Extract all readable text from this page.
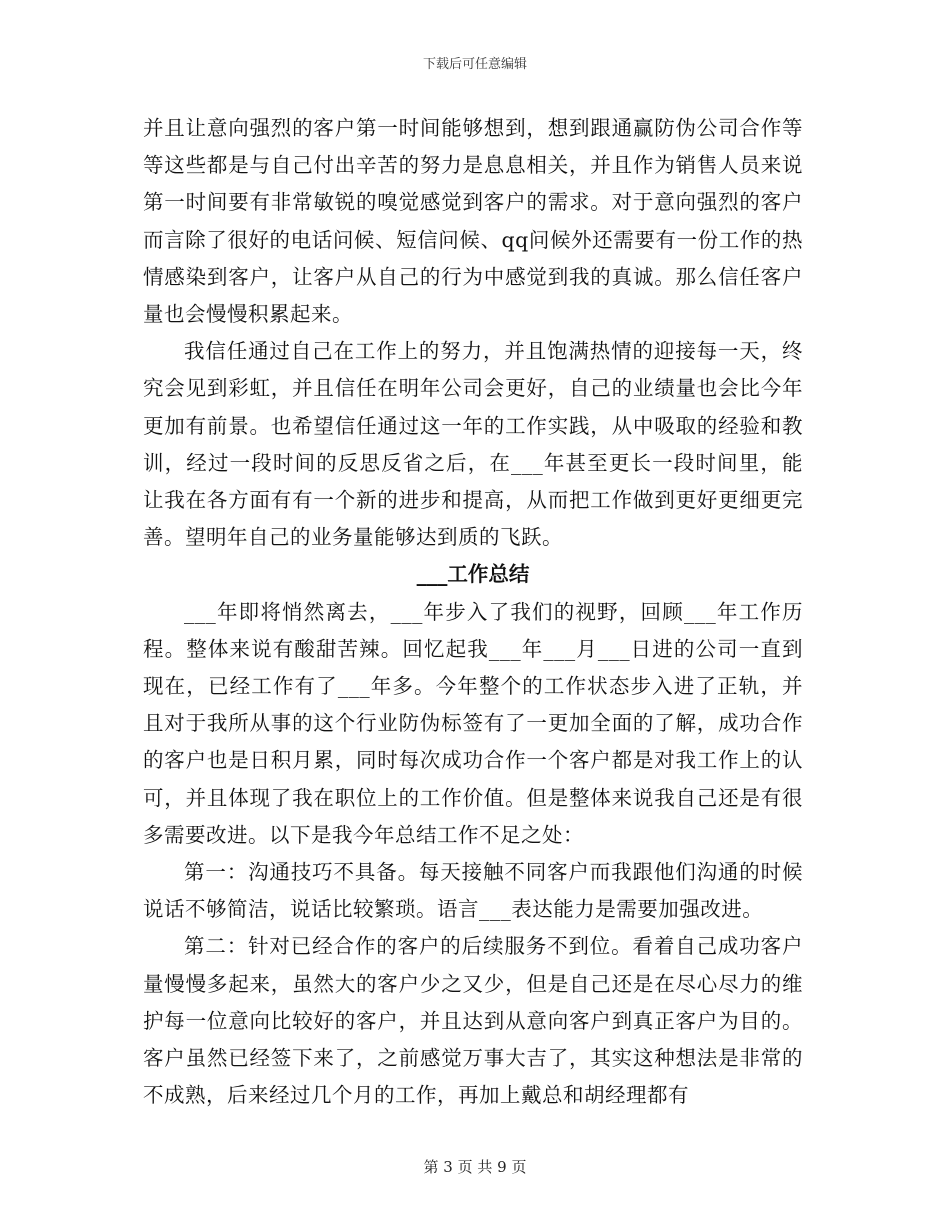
下载后可任意编辑

并且让意向强烈的客户第一时间能够想到，想到跟通赢防伪公司合作等等这些都是与自己付出辛苦的努力是息息相关，并且作为销售人员来说第一时间要有非常敏锐的嗅觉感觉到客户的需求。对于意向强烈的客户而言除了很好的电话问候、短信问候、qq问候外还需要有一份工作的热情感染到客户，让客户从自己的行为中感觉到我的真诚。那么信任客户量也会慢慢积累起来。

我信任通过自己在工作上的努力，并且饱满热情的迎接每一天，终究会见到彩虹，并且信任在明年公司会更好，自己的业绩量也会比今年更加有前景。也希望信任通过这一年的工作实践，从中吸取的经验和教训，经过一段时间的反思反省之后，在___年甚至更长一段时间里，能让我在各方面有有一个新的进步和提高，从而把工作做到更好更细更完善。望明年自己的业务量能够达到质的飞跃。

___工作总结

___年即将悄然离去，___年步入了我们的视野，回顾___年工作历程。整体来说有酸甜苦辣。回忆起我___年___月___日进的公司一直到现在，已经工作有了___年多。今年整个的工作状态步入进了正轨，并且对于我所从事的这个行业防伪标签有了一更加全面的了解，成功合作的客户也是日积月累，同时每次成功合作一个客户都是对我工作上的认可，并且体现了我在职位上的工作价值。但是整体来说我自己还是有很多需要改进。以下是我今年总结工作不足之处：

第一：沟通技巧不具备。每天接触不同客户而我跟他们沟通的时候说话不够简洁，说话比较繁琐。语言___表达能力是需要加强改进。

第二：针对已经合作的客户的后续服务不到位。看着自己成功客户量慢慢多起来，虽然大的客户少之又少，但是自己还是在尽心尽力的维护每一位意向比较好的客户，并且达到从意向客户到真正客户为目的。客户虽然已经签下来了，之前感觉万事大吉了，其实这种想法是非常的不成熟，后来经过几个月的工作，再加上戴总和胡经理都有

第 3 页 共 9 页
